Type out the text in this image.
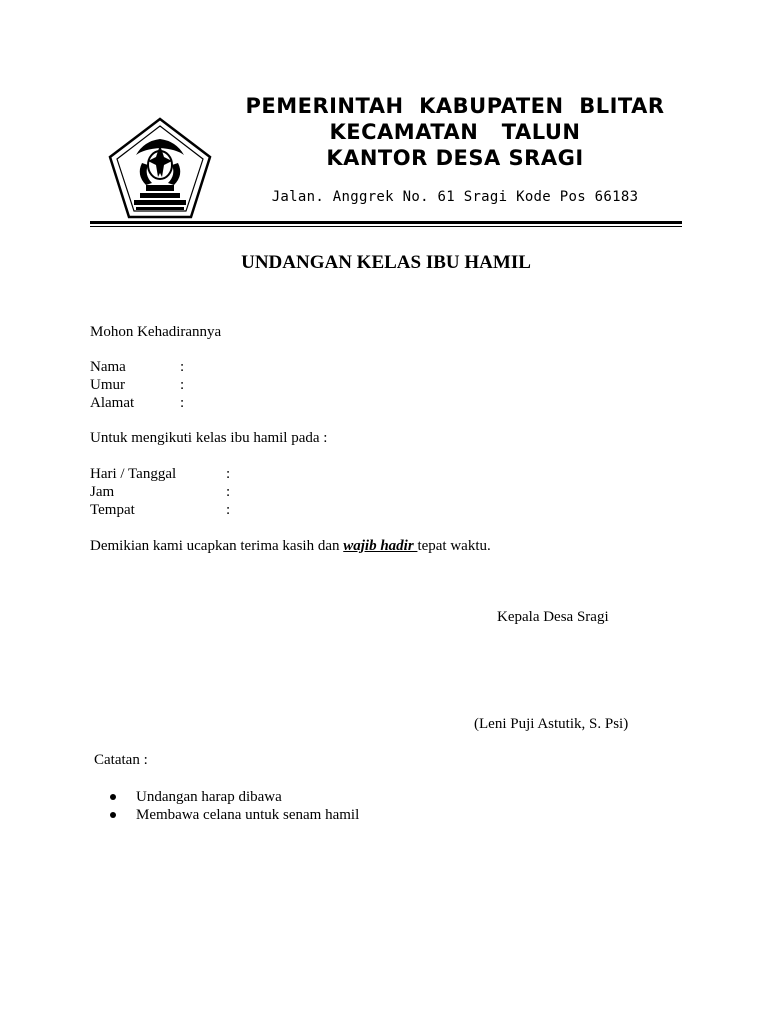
PEMERINTAH  KABUPATEN  BLITAR
KECAMATAN   TALUN
KANTOR DESA SRAGI
Jalan. Anggrek No. 61 Sragi Kode Pos 66183
UNDANGAN KELAS IBU HAMIL
Mohon Kehadirannya
Nama	:
Umur	:
Alamat	:
Untuk mengikuti kelas ibu hamil pada :
Hari / Tanggal	:
Jam	:
Tempat	:
Demikian kami ucapkan terima kasih dan wajib hadir tepat waktu.
Kepala Desa Sragi
(Leni Puji Astutik, S. Psi)
Catatan :
Undangan harap dibawa
Membawa celana untuk senam hamil
